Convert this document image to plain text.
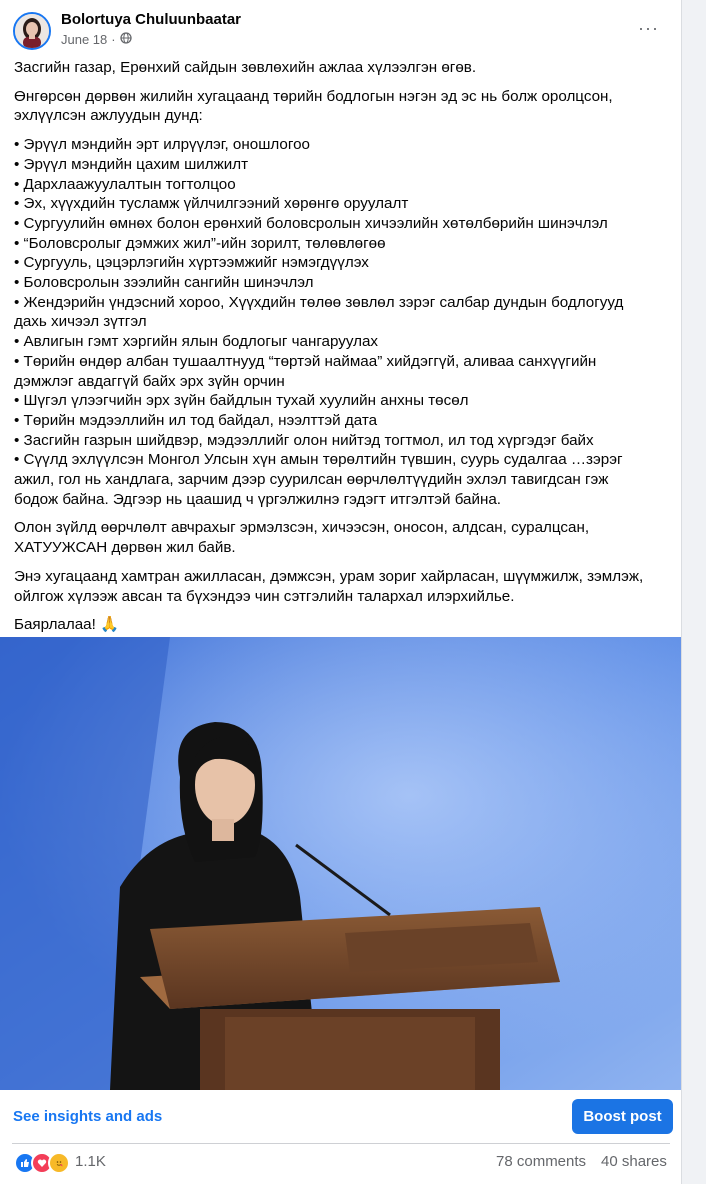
Bolortuya Chuluunbaatar
June 18 ·
···

Засгийн газар, Ерөнхий сайдын зөвлөхийн ажлаа хүлээлгэн өгөв.

Өнгөрсөн дөрвөн жилийн хугацаанд төрийн бодлогын нэгэн эд эс нь болж оролцсон,
эхлүүлсэн ажлуудын дунд:

• Эрүүл мэндийн эрт илрүүлэг, оношлогоо
• Эрүүл мэндийн цахим шилжилт
• Дархлаажуулалтын тогтолцоо
• Эх, хүүхдийн тусламж үйлчилгээний хөрөнгө оруулалт
• Сургуулийн өмнөх болон ерөнхий боловсролын хичээлийн хөтөлбөрийн шинэчлэл
• “Боловсролыг дэмжих жил”-ийн зорилт, төлөвлөгөө
• Сургууль, цэцэрлэгийн хүртээмжийг нэмэгдүүлэх
• Боловсролын зээлийн сангийн шинэчлэл
• Жендэрийн үндэсний хороо, Хүүхдийн төлөө зөвлөл зэрэг салбар дундын бодлогууд
дахь хичээл зүтгэл
• Авлигын гэмт хэргийн ялын бодлогыг чангаруулах
• Төрийн өндөр албан тушаалтнууд “төртэй наймаа” хийдэггүй, аливаа санхүүгийн
дэмжлэг авдаггүй байх эрх зүйн орчин
• Шүгэл үлээгчийн эрх зүйн байдлын тухай хуулийн анхны төсөл
• Төрийн мэдээллийн ил тод байдал, нээлттэй дата
• Засгийн газрын шийдвэр, мэдээллийг олон нийтэд тогтмол, ил тод хүргэдэг байх
• Сүүлд эхлүүлсэн Монгол Улсын хүн амын төрөлтийн түвшин, суурь судалгаа …зэрэг
ажил, гол нь хандлага, зарчим дээр суурилсан өөрчлөлтүүдийн эхлэл тавигдсан гэж
бодож байна. Эдгээр нь цаашид ч үргэлжилнэ гэдэгт итгэлтэй байна.

Олон зүйлд өөрчлөлт авчрахыг эрмэлзсэн, хичээсэн, оносон, алдсан, суралцсан,
ХАТУУЖСАН дөрвөн жил байв.

Энэ хугацаанд хамтран ажилласан, дэмжсэн, урам зориг хайрласан, шүүмжилж, зэмлэж,
ойлгож хүлээж авсан та бүхэндээ чин сэтгэлийн талархал илэрхийлье.

Баярлалаа! 🙏

See insights and ads	Boost post
1.1K	78 comments 40 shares
